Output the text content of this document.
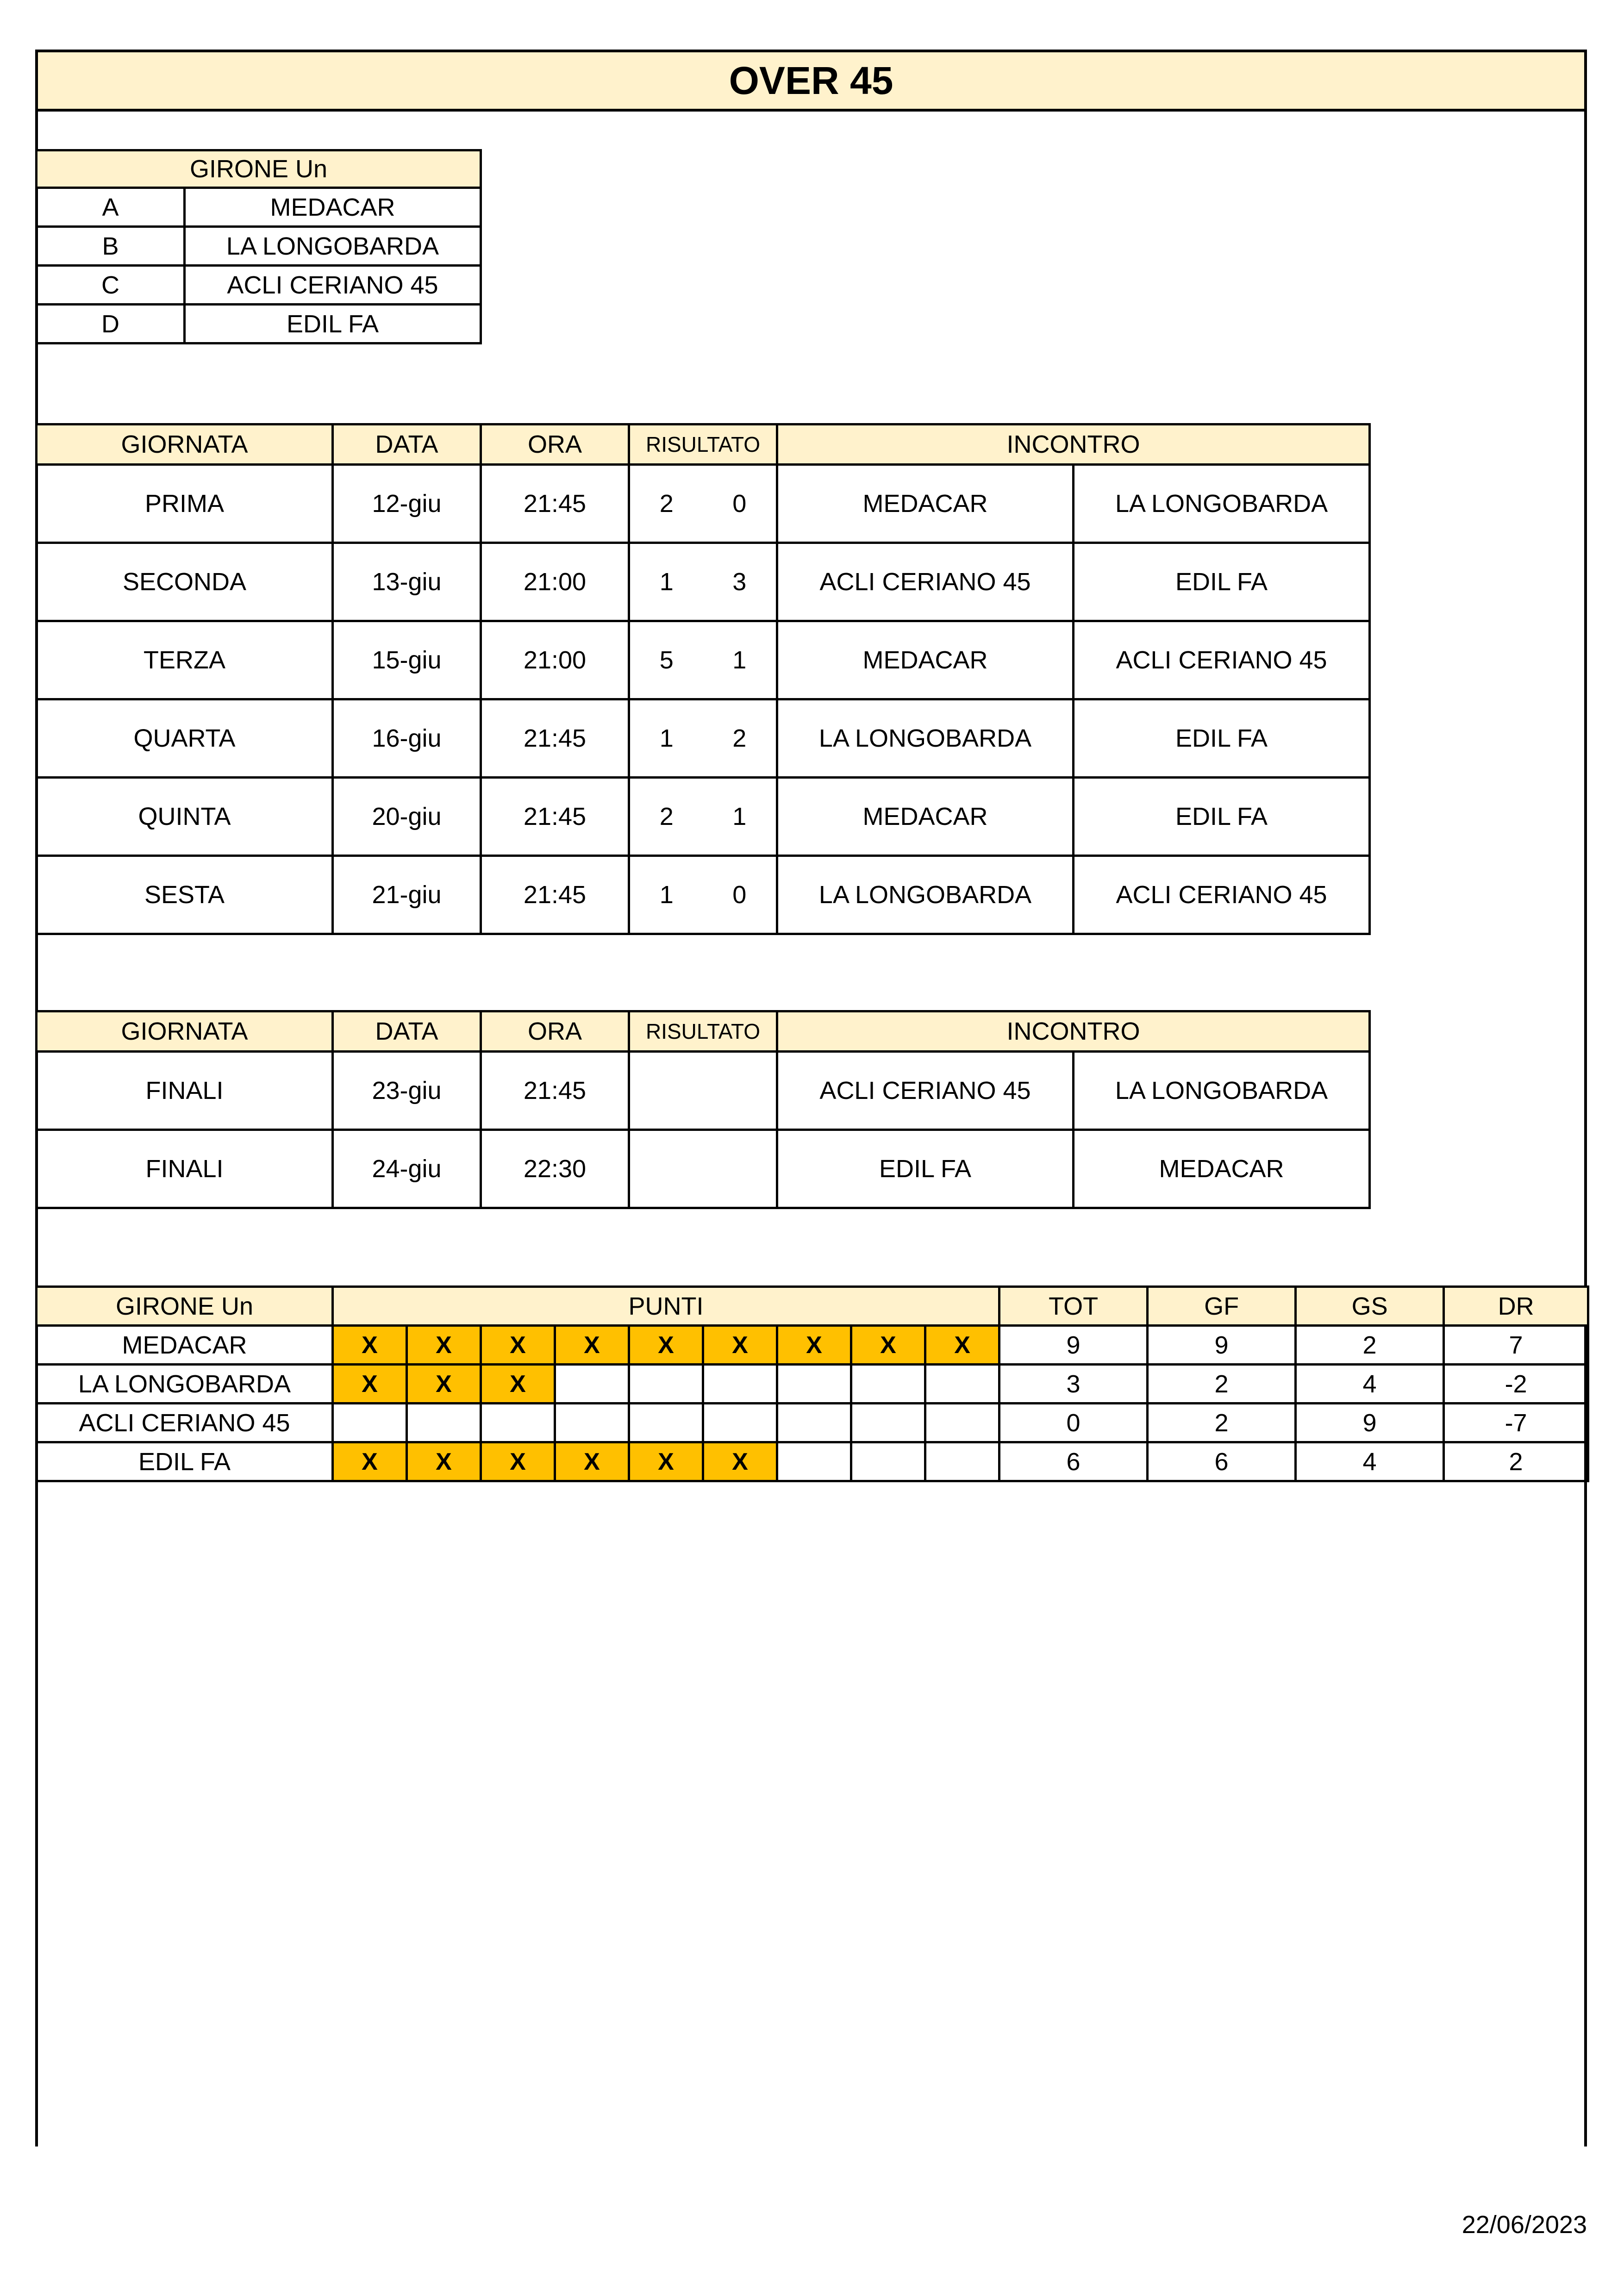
OVER 45
GIRONE Un	
A	MEDACAR
B	LA LONGOBARDA
C	ACLI CERIANO 45
D	EDIL FA
GIORNATA	DATA	ORA	RISULTATO		INCONTRO	
PRIMA	12-giu	21:45	2	0	MEDACAR	LA LONGOBARDA
SECONDA	13-giu	21:00	1	3	ACLI CERIANO 45	EDIL FA
TERZA	15-giu	21:00	5	1	MEDACAR	ACLI CERIANO 45
QUARTA	16-giu	21:45	1	2	LA LONGOBARDA	EDIL FA
QUINTA	20-giu	21:45	2	1	MEDACAR	EDIL FA
SESTA	21-giu	21:45	1	0	LA LONGOBARDA	ACLI CERIANO 45
GIORNATA	DATA	ORA	RISULTATO	INCONTRO	
FINALI	23-giu	21:45		ACLI CERIANO 45	LA LONGOBARDA
FINALI	24-giu	22:30		EDIL FA	MEDACAR
GIRONE Un	PUNTI									TOT	GF	GS	DR
MEDACAR	X	X	X	X	X	X	X	X	X	9	9	2	7
LA LONGOBARDA	X	X	X							3	2	4	-2
ACLI CERIANO 45										0	2	9	-7
EDIL FA	X	X	X	X	X	X				6	6	4	2
22/06/2023
